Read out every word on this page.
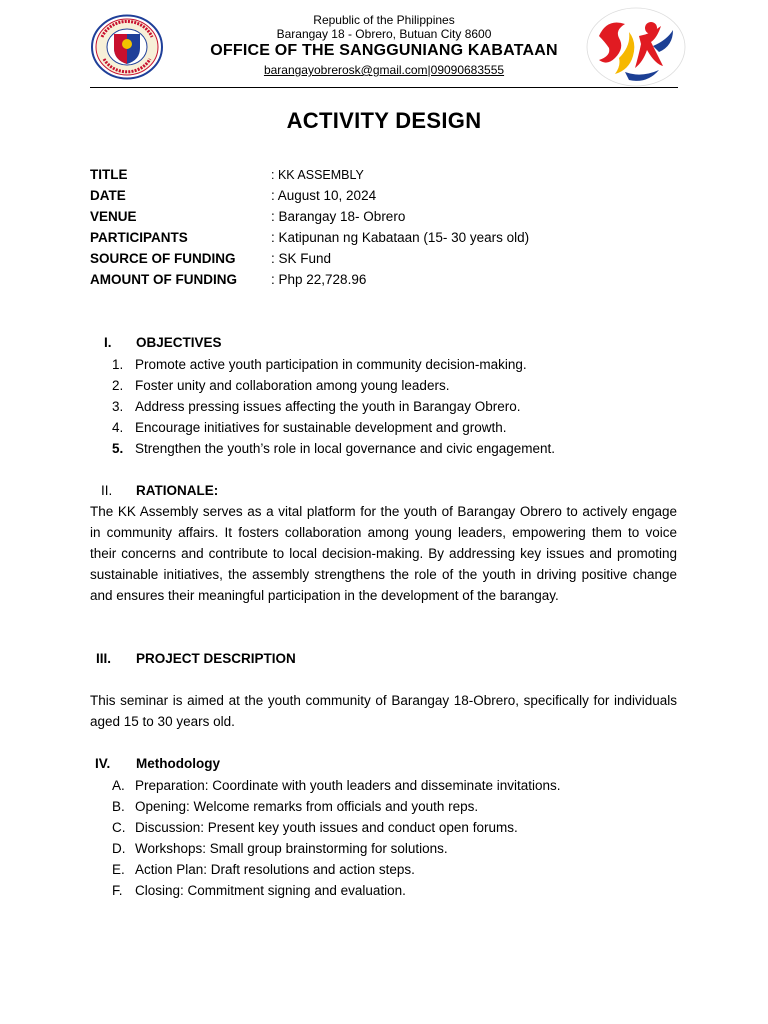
Republic of the Philippines
Barangay 18 - Obrero, Butuan City 8600
OFFICE OF THE SANGGUNIANG KABATAAN
barangayobrerosk@gmail.com|09090683555
ACTIVITY DESIGN
TITLE	: KK ASSEMBLY
DATE	: August 10, 2024
VENUE	: Barangay 18- Obrero
PARTICIPANTS	: Katipunan ng Kabataan (15- 30 years old)
SOURCE OF FUNDING	: SK Fund
AMOUNT OF FUNDING	: Php 22,728.96
I. OBJECTIVES
1. Promote active youth participation in community decision-making.
2. Foster unity and collaboration among young leaders.
3. Address pressing issues affecting the youth in Barangay Obrero.
4. Encourage initiatives for sustainable development and growth.
5. Strengthen the youth’s role in local governance and civic engagement.
II. RATIONALE:
The KK Assembly serves as a vital platform for the youth of Barangay Obrero to actively engage in community affairs. It fosters collaboration among young leaders, empowering them to voice their concerns and contribute to local decision-making. By addressing key issues and promoting sustainable initiatives, the assembly strengthens the role of the youth in driving positive change and ensures their meaningful participation in the development of the barangay.
III. PROJECT DESCRIPTION
This seminar is aimed at the youth community of Barangay 18-Obrero, specifically for individuals aged 15 to 30 years old.
IV. Methodology
A. Preparation: Coordinate with youth leaders and disseminate invitations.
B. Opening: Welcome remarks from officials and youth reps.
C. Discussion: Present key youth issues and conduct open forums.
D. Workshops: Small group brainstorming for solutions.
E. Action Plan: Draft resolutions and action steps.
F. Closing: Commitment signing and evaluation.
